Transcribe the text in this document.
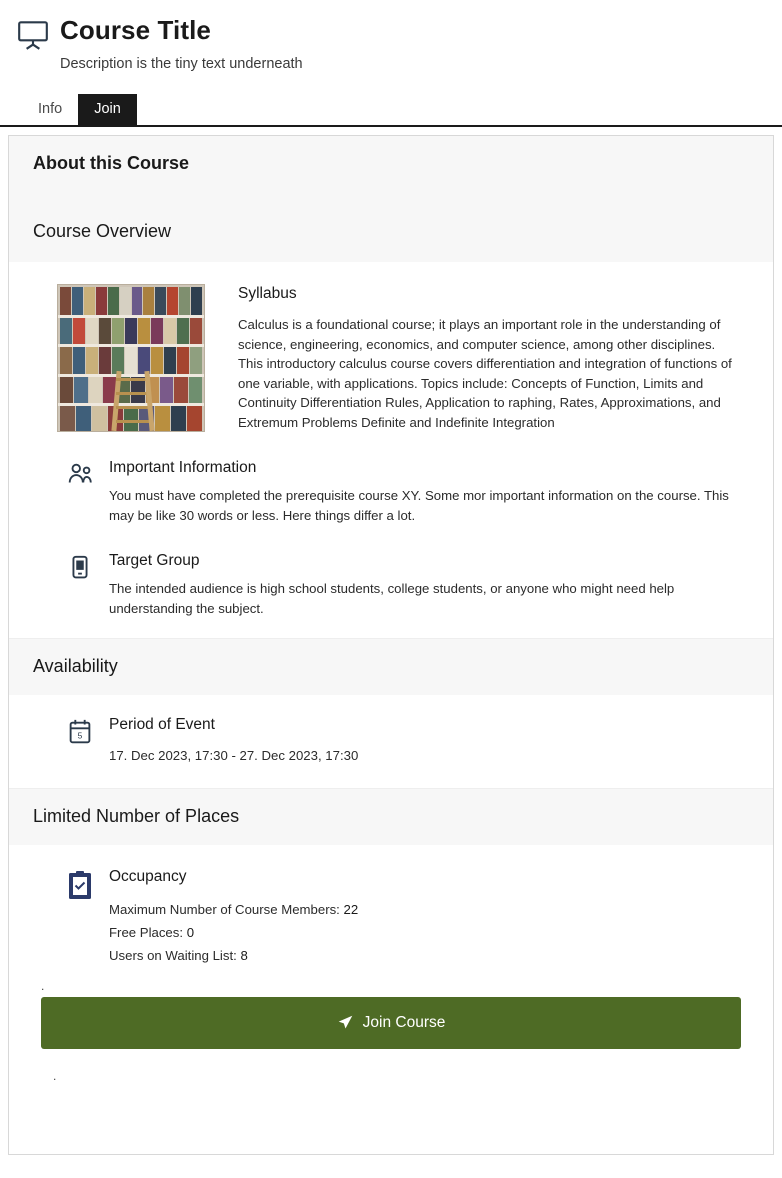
Course Title
Description is the tiny text underneath
Info	Join
About this Course
Course Overview
Syllabus

Calculus is a foundational course; it plays an important role in the understanding of science, engineering, economics, and computer science, among other disciplines. This introductory calculus course covers differentiation and integration of functions of one variable, with applications. Topics include: Concepts of Function, Limits and Continuity Differentiation Rules, Application to raphing, Rates, Approximations, and Extremum Problems Definite and Indefinite Integration

Important Information

You must have completed the prerequisite course XY. Some mor important information on the course. This may be like 30 words or less. Here things differ a lot.

Target Group

The intended audience is high school students, college students, or anyone who might need help understanding the subject.

Availability
5
Period of Event

17. Dec 2023, 17:30 - 27. Dec 2023, 17:30

Limited Number of Places
Occupancy
Maximum Number of Course Members: 22
Free Places: 0
Users on Waiting List: 8
.
Join Course
.
